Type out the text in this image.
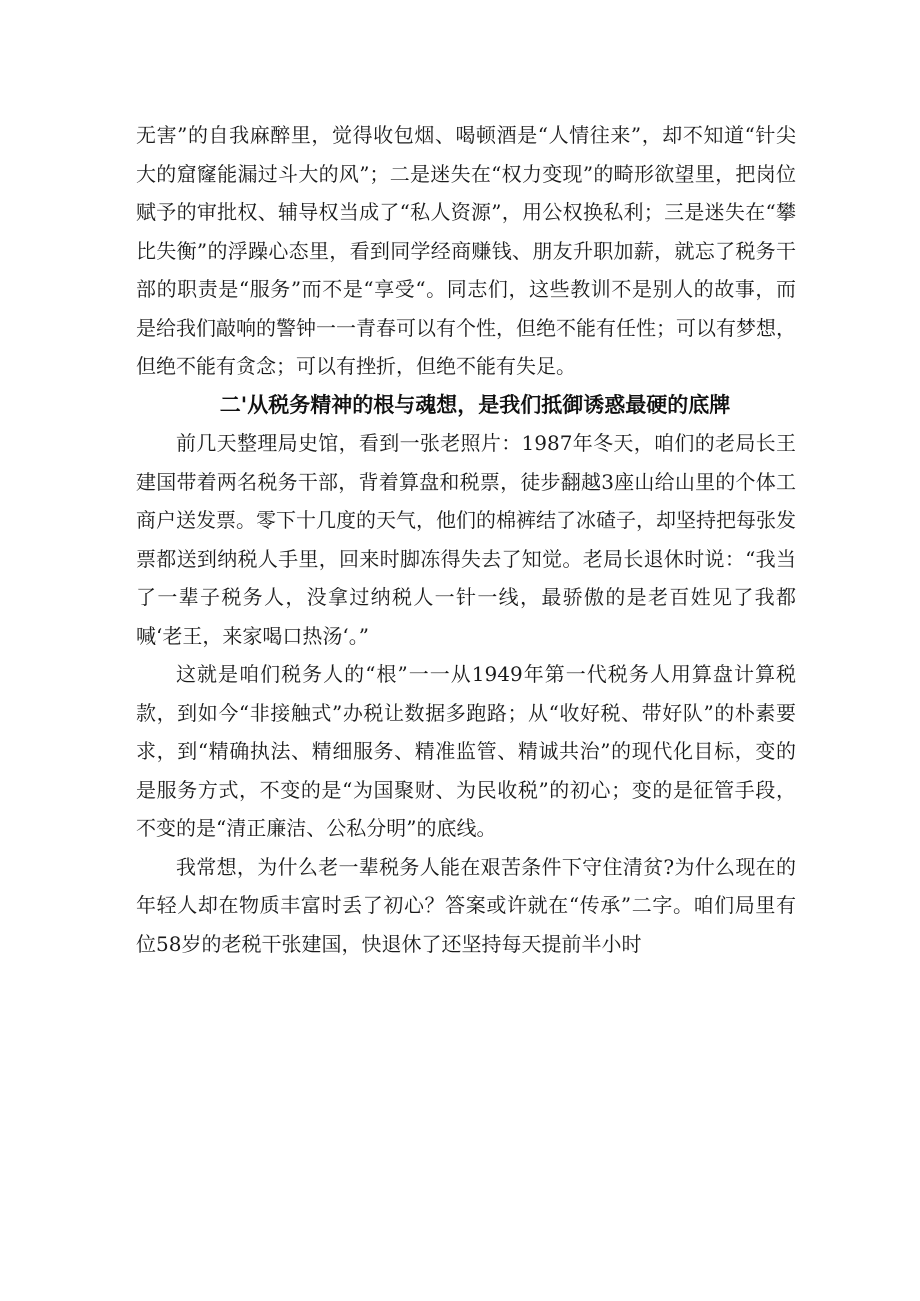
无害”的自我麻醉里，觉得收包烟、喝顿酒是“人情往来”，却不知道“针尖大的窟窿能漏过斗大的风”；二是迷失在“权力变现”的畸形欲望里，把岗位赋予的审批权、辅导权当成了“私人资源”，用公权换私利；三是迷失在“攀比失衡”的浮躁心态里，看到同学经商赚钱、朋友升职加薪，就忘了税务干部的职责是“服务”而不是“享受“。同志们，这些教训不是别人的故事，而是给我们敲响的警钟一一青春可以有个性，但绝不能有任性；可以有梦想，但绝不能有贪念；可以有挫折，但绝不能有失足。

二'从税务精神的根与魂想，是我们抵御诱惑最硬的底牌

前几天整理局史馆，看到一张老照片：1987年冬天，咱们的老局长王建国带着两名税务干部，背着算盘和税票，徒步翻越3座山给山里的个体工商户送发票。零下十几度的天气，他们的棉裤结了冰碴子，却坚持把每张发票都送到纳税人手里，回来时脚冻得失去了知觉。老局长退休时说：“我当了一辈子税务人，没拿过纳税人一针一线，最骄傲的是老百姓见了我都喊‘老王，来家喝口热汤‘。”

这就是咱们税务人的“根”一一从1949年第一代税务人用算盘计算税款，到如今“非接触式”办税让数据多跑路；从“收好税、带好队”的朴素要求，到“精确执法、精细服务、精准监管、精诚共治”的现代化目标，变的是服务方式，不变的是“为国聚财、为民收税”的初心；变的是征管手段，不变的是“清正廉洁、公私分明”的底线。

我常想，为什么老一辈税务人能在艰苦条件下守住清贫?为什么现在的年轻人却在物质丰富时丢了初心？答案或许就在“传承”二字。咱们局里有位58岁的老税干张建国，快退休了还坚持每天提前半小时
